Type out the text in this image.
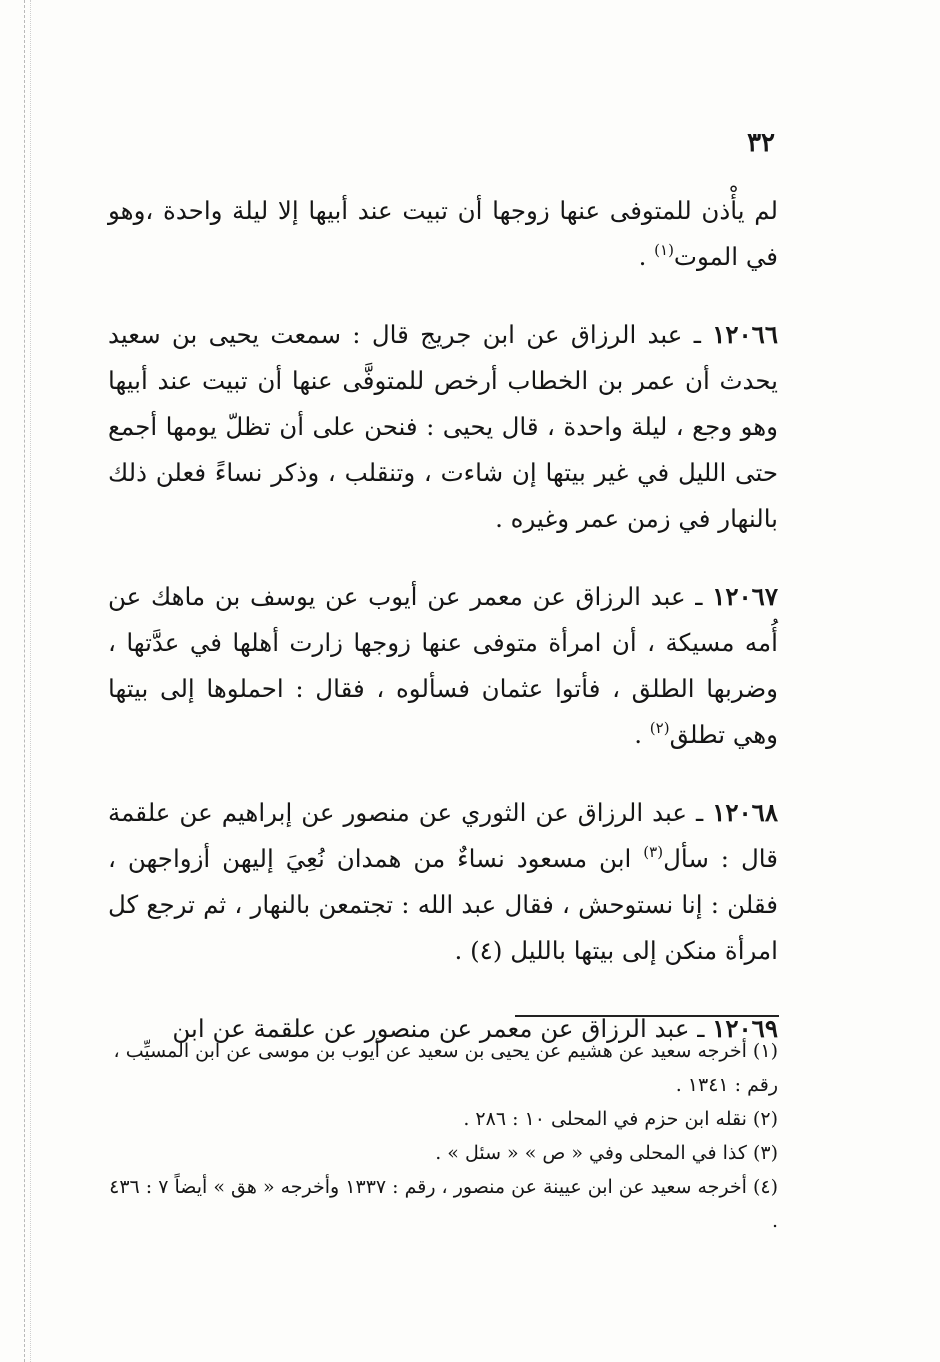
٣٢

لم يأْذن للمتوفى عنها زوجها أن تبيت عند أبيها إلا ليلة واحدة ،وهو في الموت$^{(١)}$ .

١٢٠٦٦ ـ عبد الرزاق عن ابن جريج قال : سمعت يحيى بن سعيد يحدث أن عمر بن الخطاب أرخص للمتوفَّى عنها أن تبيت عند أبيها وهو وجع ، ليلة واحدة ، قال يحيى : فنحن على أن تظلّ يومها أجمع حتى الليل في غير بيتها إن شاءت ، وتنقلب ، وذكر نساءً فعلن ذلك بالنهار في زمن عمر وغيره .

١٢٠٦٧ ـ عبد الرزاق عن معمر عن أيوب عن يوسف بن ماهك عن أُمه مسيكة ، أن امرأة متوفى عنها زوجها زارت أهلها في عدَّتها ، وضربها الطلق ، فأتوا عثمان فسألوه ، فقال : احملوها إلى بيتها وهي تطلق$^{(٢)}$ .

١٢٠٦٨ ـ عبد الرزاق عن الثوري عن منصور عن إبراهيم عن علقمة قال : سأل$^{(٣)}$ ابن مسعود نساءٌ من همدان نُعِيَ إليهن أزواجهن ، فقلن : إنا نستوحش ، فقال عبد الله : تجتمعن بالنهار ، ثم ترجع كل امرأة منكن إلى بيتها بالليل (٤) .

١٢٠٦٩ ـ عبد الرزاق عن معمر عن منصور عن علقمة عن ابن

(١) أخرجه سعيد عن هشيم عن يحيى بن سعيد عن أيوب بن موسى عن ابن المسيِّب ، رقم : ١٣٤١ .

(٢) نقله ابن حزم في المحلى ١٠ : ٢٨٦ .

(٣) كذا في المحلى وفي « ص » « سئل » .

(٤) أخرجه سعيد عن ابن عيينة عن منصور ، رقم : ١٣٣٧ وأخرجه « هق » أيضاً ٧ : ٤٣٦ .
